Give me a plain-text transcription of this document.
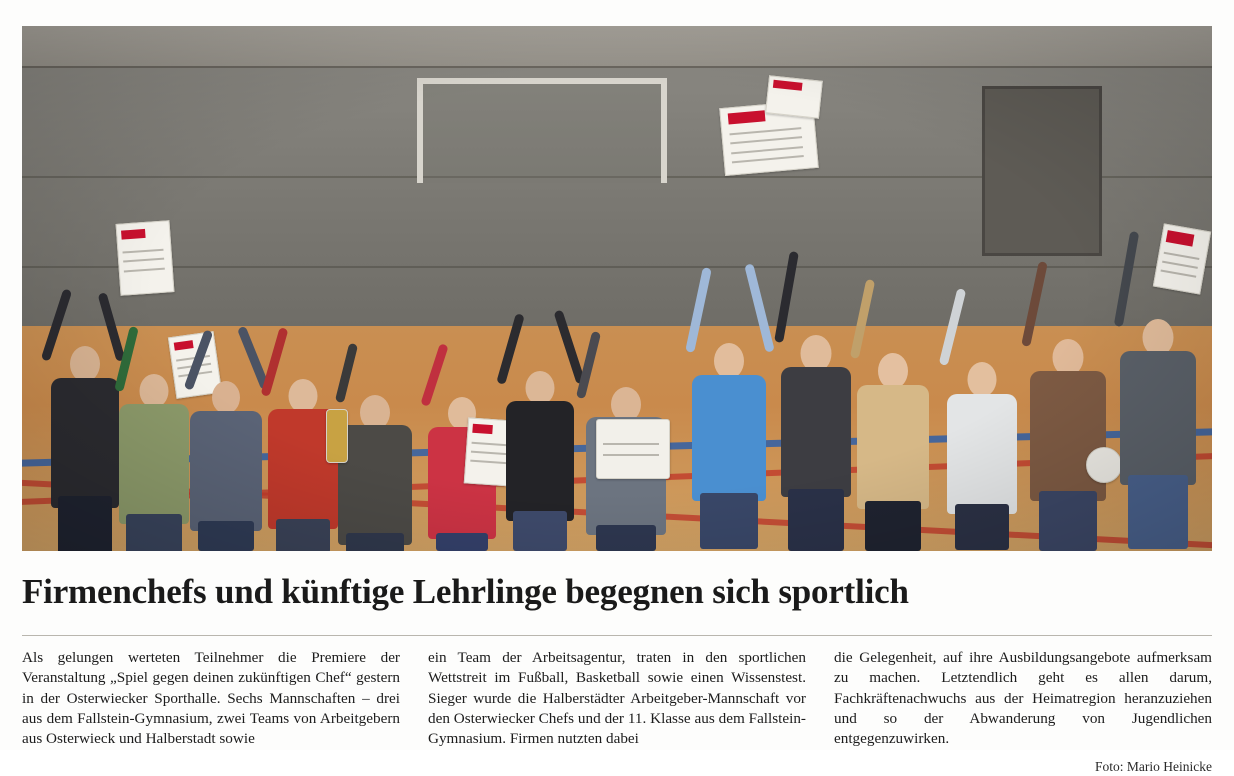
Firmenchefs und künftige Lehrlinge begegnen sich sportlich
Als gelungen werteten Teilnehmer die Premiere der Veranstaltung „Spiel gegen deinen zukünftigen Chef“ gestern in der Osterwiecker Sporthalle. Sechs Mannschaften – drei aus dem Fallstein-Gymnasium, zwei Teams von Arbeitgebern aus Osterwieck und Halberstadt sowie
ein Team der Arbeitsagentur, traten in den sportlichen Wettstreit im Fußball, Basketball sowie einen Wissenstest. Sieger wurde die Halberstädter Arbeitgeber-Mannschaft vor den Osterwiecker Chefs und der 11. Klasse aus dem Fallstein-Gymnasium. Firmen nutzten dabei
die Gelegenheit, auf ihre Ausbildungsangebote aufmerksam zu machen. Letztendlich geht es allen darum, Fachkräftenachwuchs aus der Heimatregion heranzuziehen und so der Abwanderung von Jugendlichen entgegenzuwirken.
Foto: Mario Heinicke
